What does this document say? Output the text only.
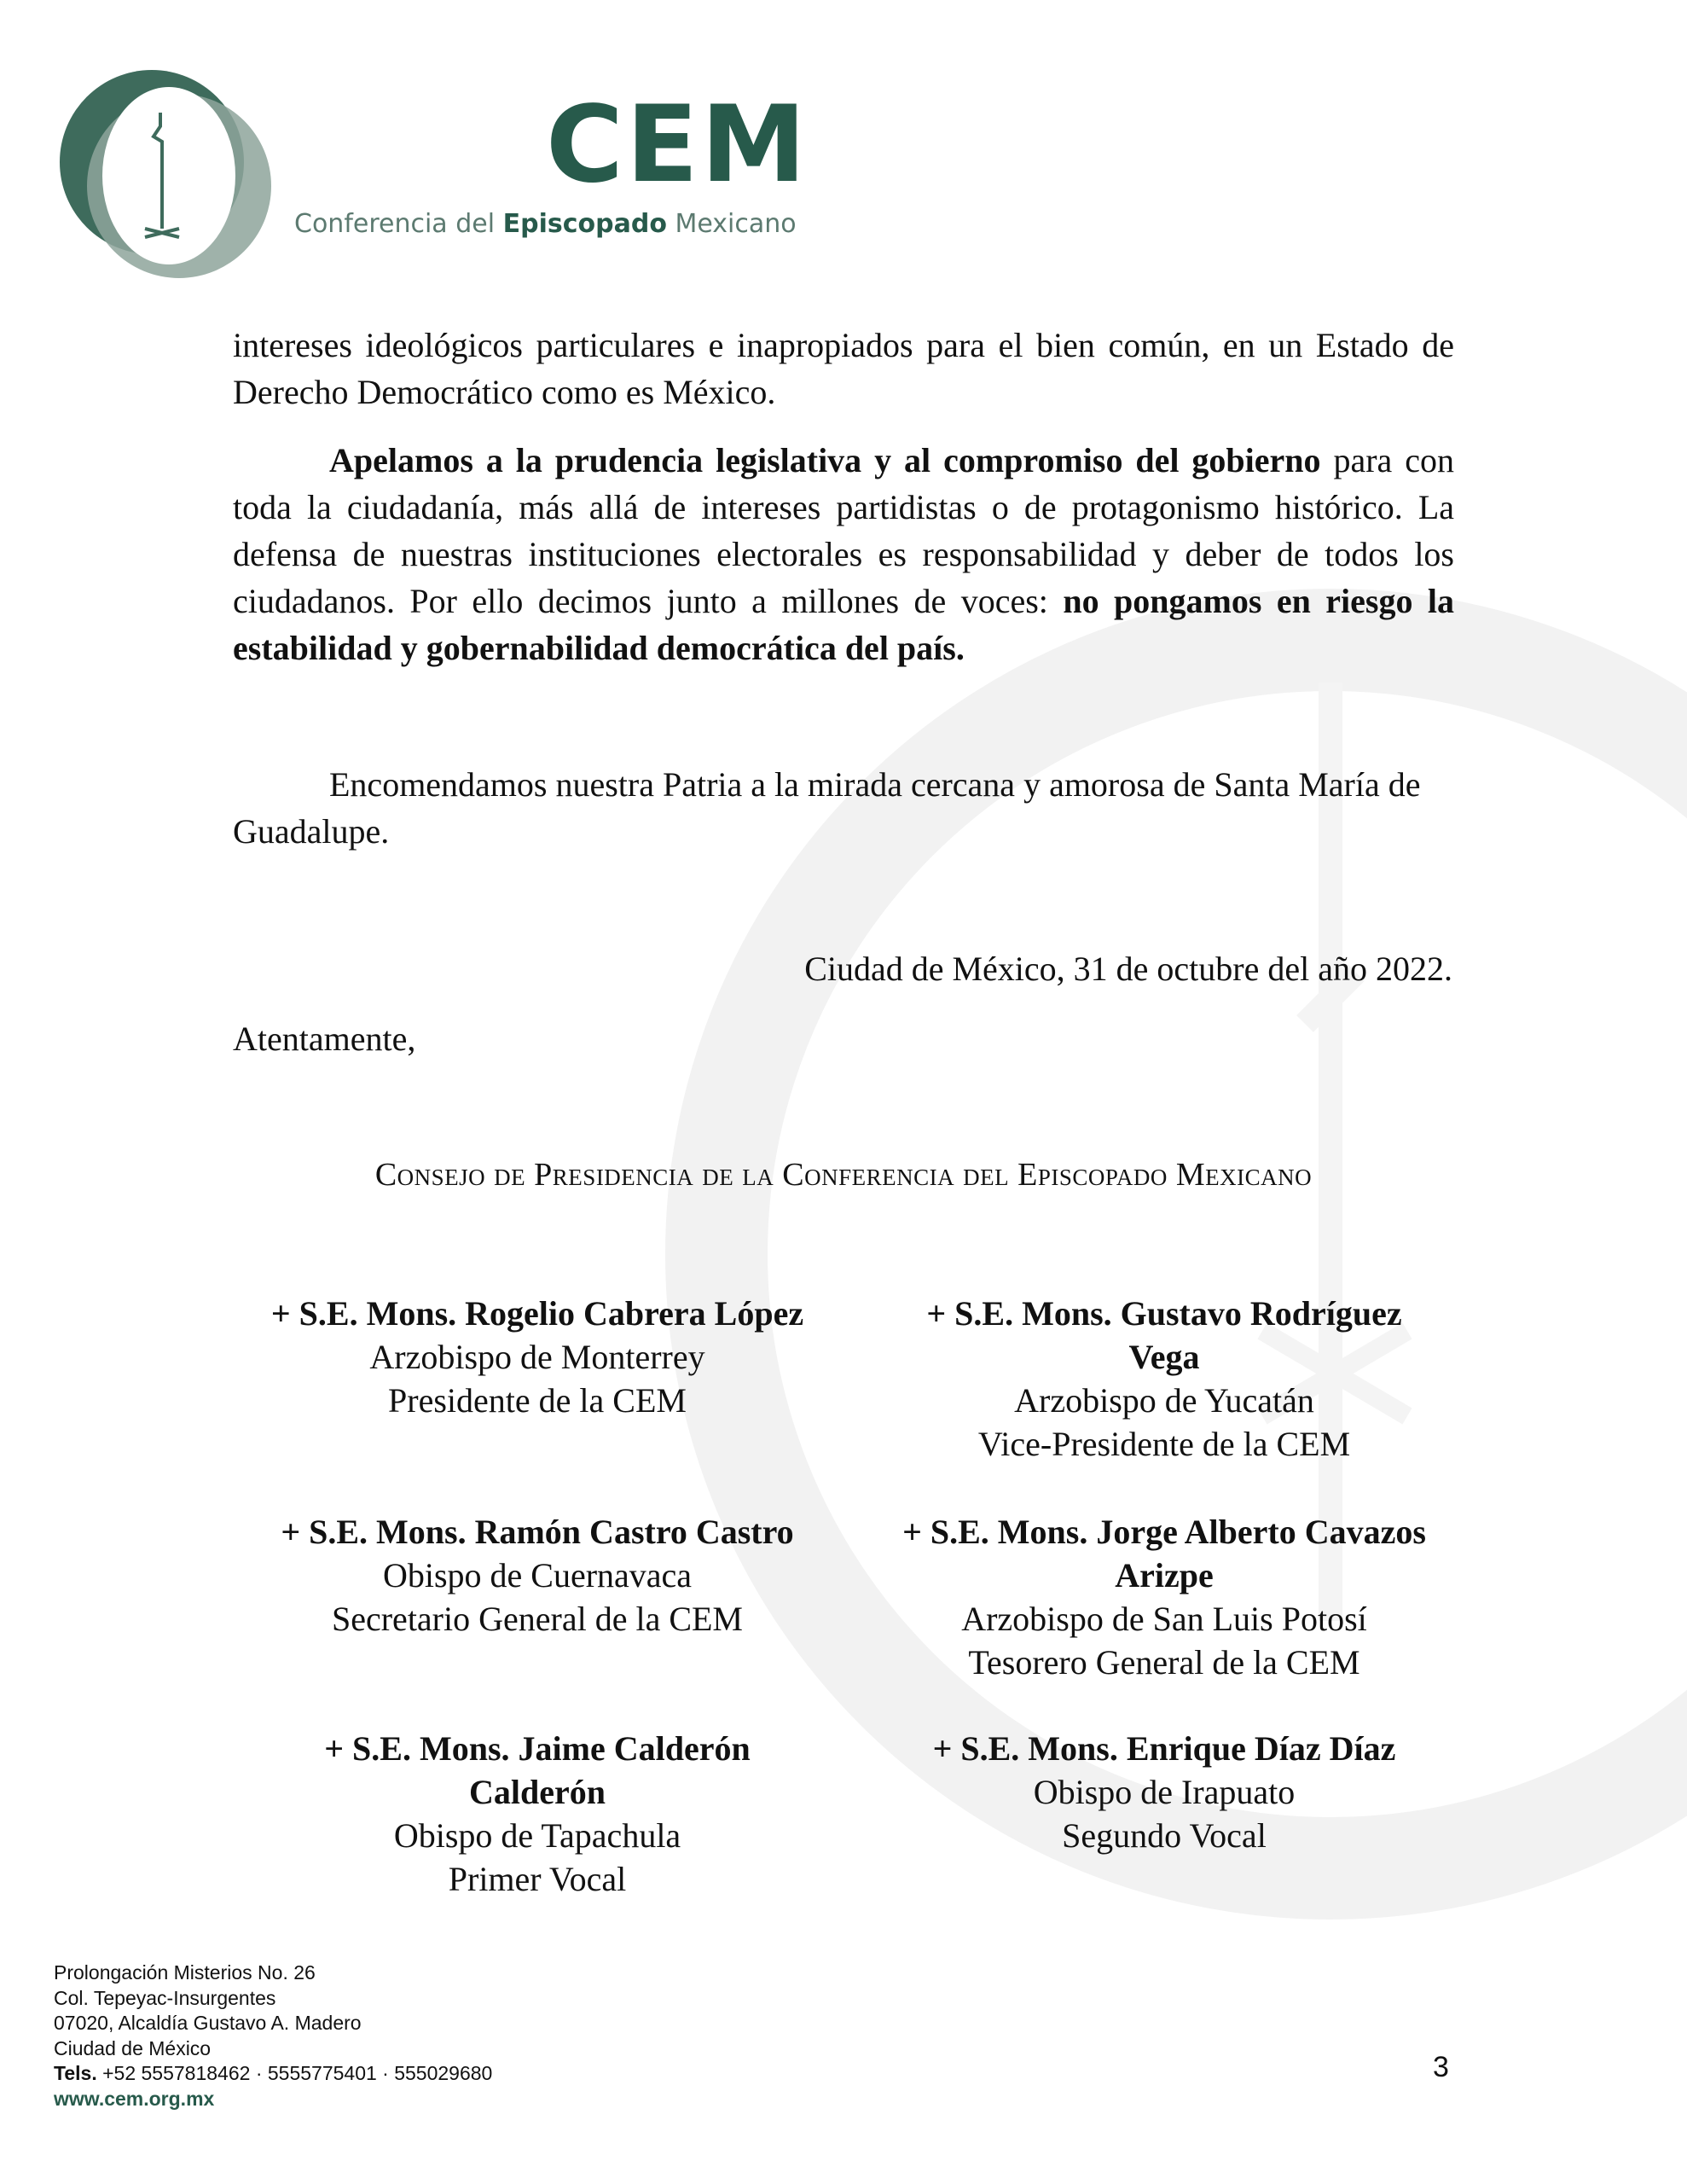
CEM
Conferencia del Episcopado Mexicano

intereses ideológicos particulares e inapropiados para el bien común, en un Estado de Derecho Democrático como es México.

Apelamos a la prudencia legislativa y al compromiso del gobierno para con toda la ciudadanía, más allá de intereses partidistas o de protagonismo histórico. La defensa de nuestras instituciones electorales es responsabilidad y deber de todos los ciudadanos. Por ello decimos junto a millones de voces: no pongamos en riesgo la estabilidad y gobernabilidad democrática del país.

Encomendamos nuestra Patria a la mirada cercana y amorosa de Santa María de Guadalupe.

Ciudad de México, 31 de octubre del año 2022.
Atentamente,
Consejo de Presidencia de la Conferencia del Episcopado Mexicano
+ S.E. Mons. Rogelio Cabrera López
Arzobispo de Monterrey
Presidente de la CEM
+ S.E. Mons. Gustavo Rodríguez Vega
Arzobispo de Yucatán
Vice-Presidente de la CEM
+ S.E. Mons. Ramón Castro Castro
Obispo de Cuernavaca
Secretario General de la CEM
+ S.E. Mons. Jorge Alberto Cavazos Arizpe
Arzobispo de San Luis Potosí
Tesorero General de la CEM
+ S.E. Mons. Jaime Calderón Calderón
Obispo de Tapachula
Primer Vocal
+ S.E. Mons. Enrique Díaz Díaz
Obispo de Irapuato
Segundo Vocal
Prolongación Misterios No. 26
Col. Tepeyac-Insurgentes
07020, Alcaldía Gustavo A. Madero
Ciudad de México
Tels. +52 5557818462 · 5555775401 · 555029680
www.cem.org.mx
3
